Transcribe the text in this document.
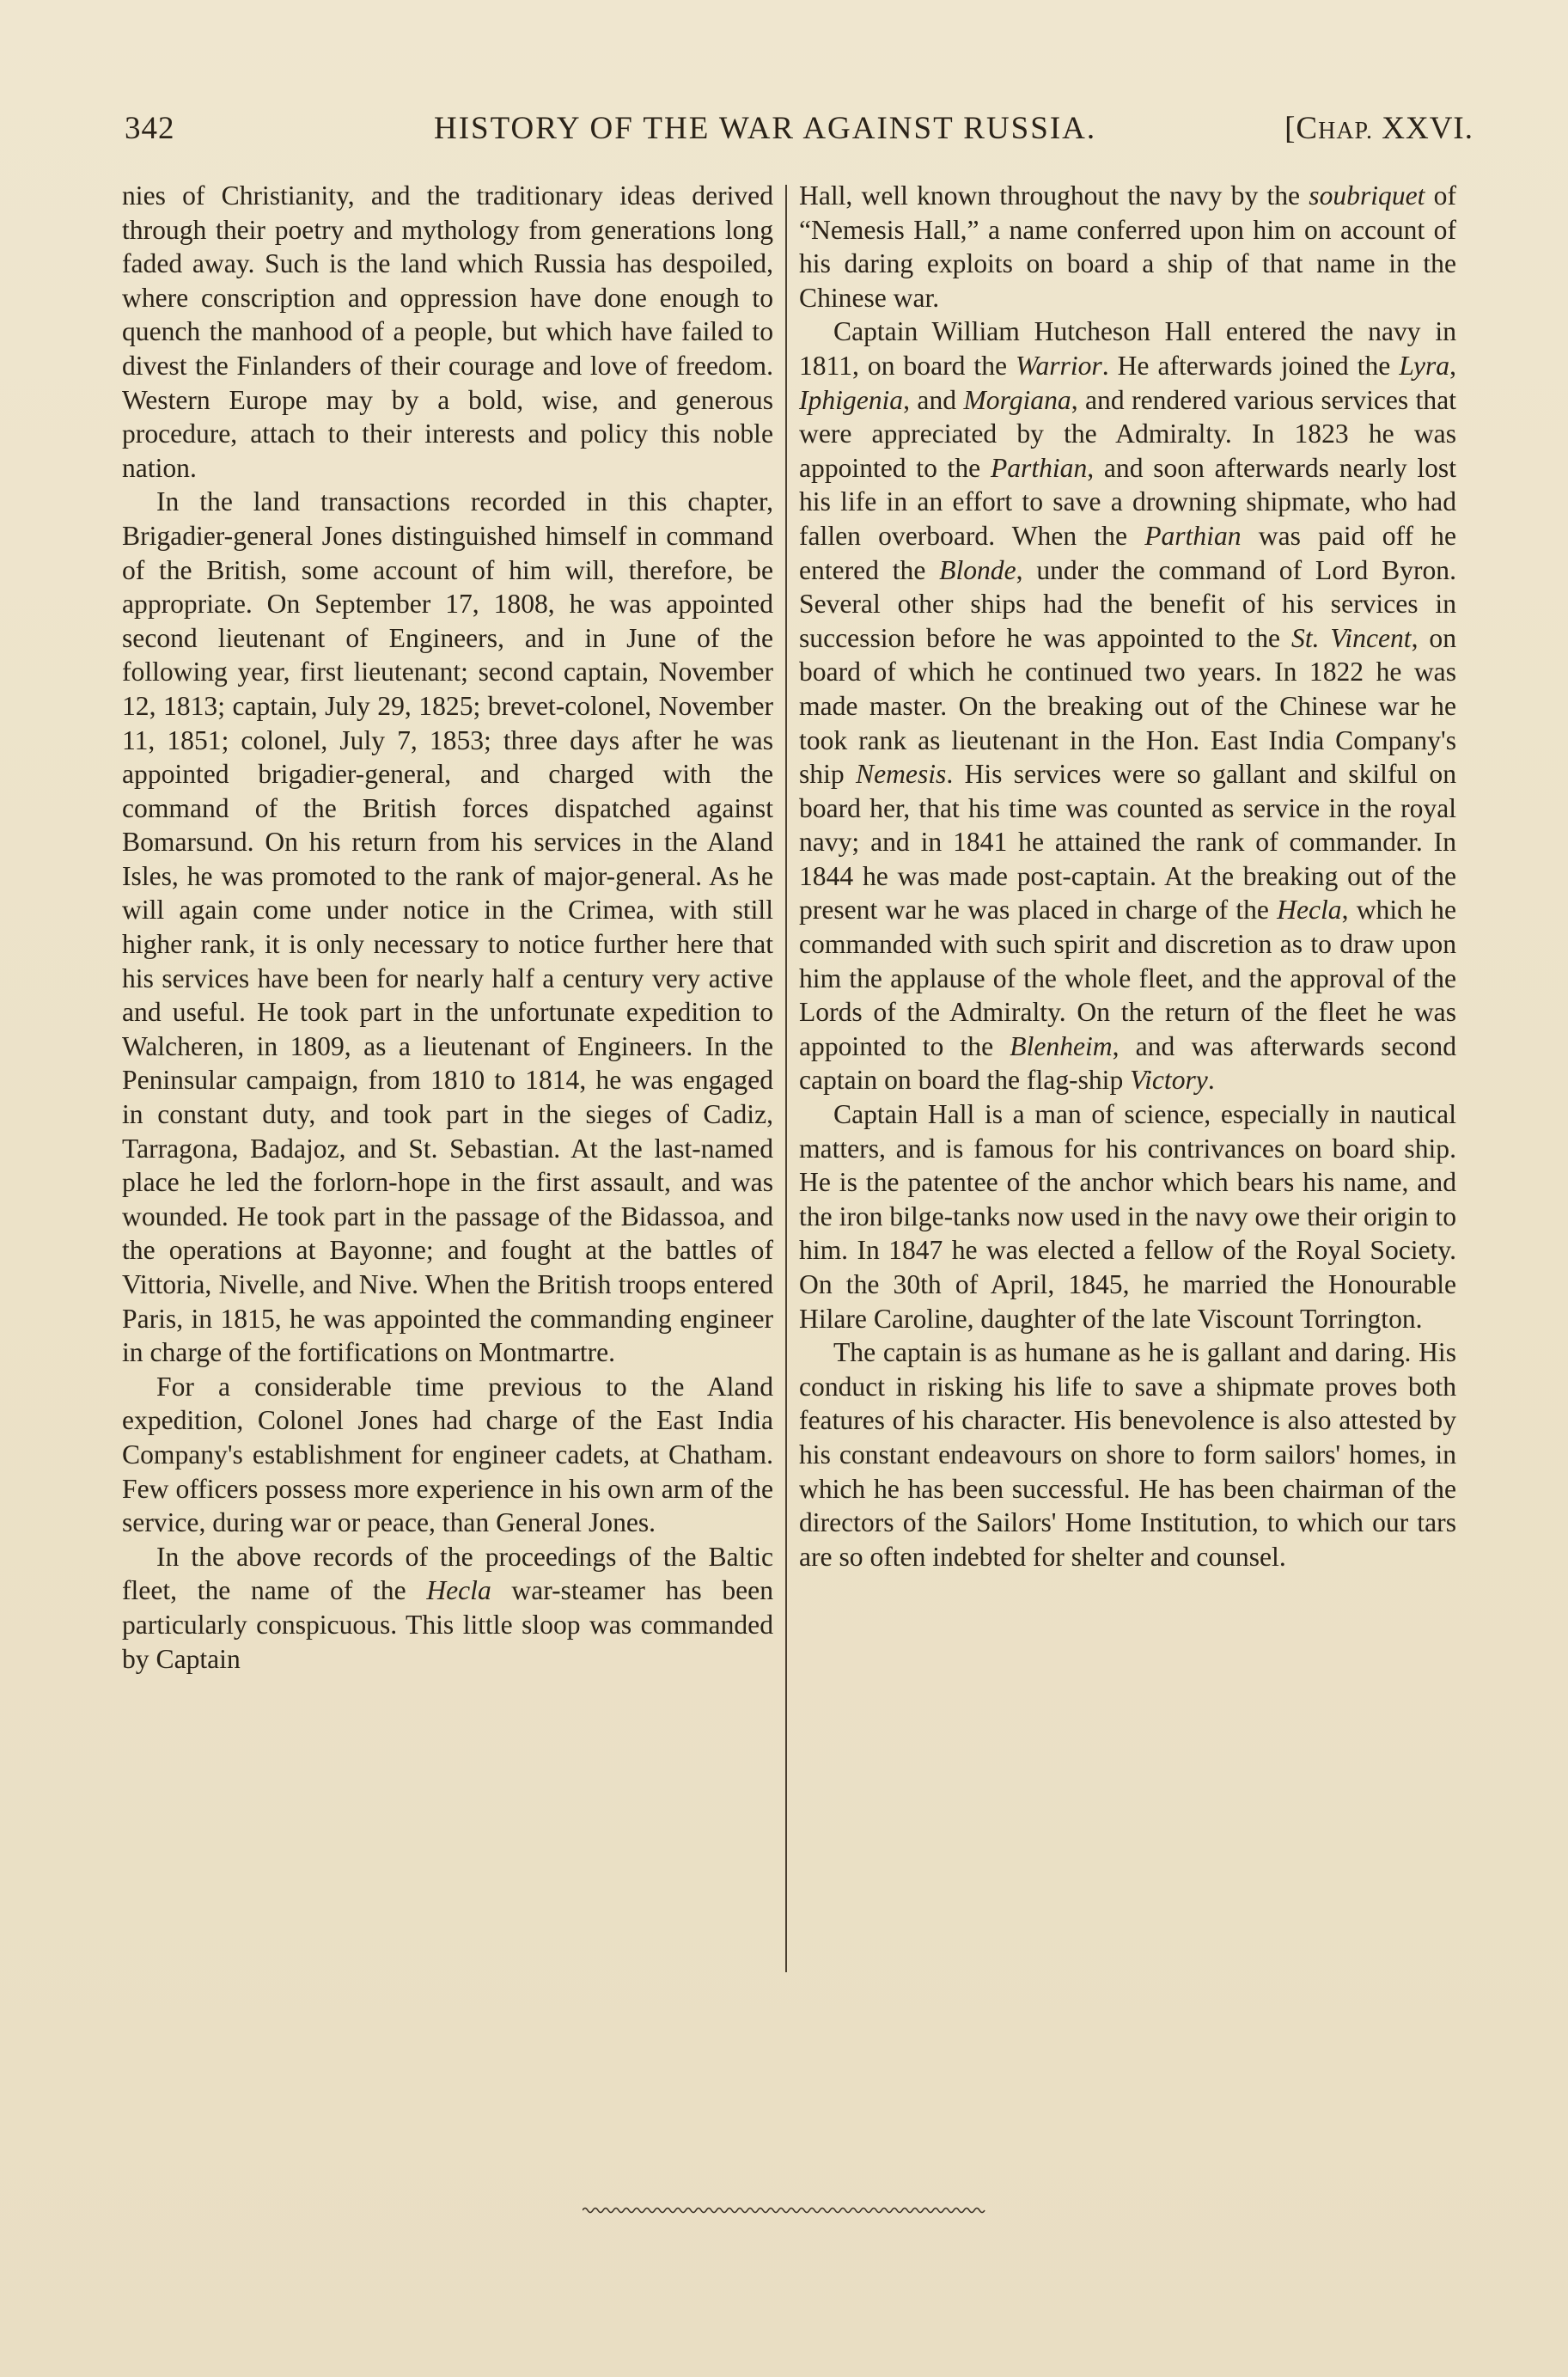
342	HISTORY OF THE WAR AGAINST RUSSIA.	[CHAP. XXVI.

nies of Christianity, and the traditionary ideas derived through their poetry and mythology from generations long faded away. Such is the land which Russia has despoiled, where conscription and oppression have done enough to quench the manhood of a people, but which have failed to divest the Finlanders of their courage and love of freedom. Western Europe may by a bold, wise, and generous procedure, attach to their interests and policy this noble nation.

In the land transactions recorded in this chapter, Brigadier-general Jones distinguished himself in command of the British, some account of him will, therefore, be appropriate. On September 17, 1808, he was appointed second lieutenant of Engineers, and in June of the following year, first lieutenant; second captain, November 12, 1813; captain, July 29, 1825; brevet-colonel, November 11, 1851; colonel, July 7, 1853; three days after he was appointed brigadier-general, and charged with the command of the British forces dispatched against Bomarsund. On his return from his services in the Aland Isles, he was promoted to the rank of major-general. As he will again come under notice in the Crimea, with still higher rank, it is only necessary to notice further here that his services have been for nearly half a century very active and useful. He took part in the unfortunate expedition to Walcheren, in 1809, as a lieutenant of Engineers. In the Peninsular campaign, from 1810 to 1814, he was engaged in constant duty, and took part in the sieges of Cadiz, Tarragona, Badajoz, and St. Sebastian. At the last-named place he led the forlorn-hope in the first assault, and was wounded. He took part in the passage of the Bidassoa, and the operations at Bayonne; and fought at the battles of Vittoria, Nivelle, and Nive. When the British troops entered Paris, in 1815, he was appointed the commanding engineer in charge of the fortifications on Montmartre.

For a considerable time previous to the Aland expedition, Colonel Jones had charge of the East India Company's establishment for engineer cadets, at Chatham. Few officers possess more experience in his own arm of the service, during war or peace, than General Jones.

In the above records of the proceedings of the Baltic fleet, the name of the Hecla war-steamer has been particularly conspicuous. This little sloop was commanded by Captain

Hall, well known throughout the navy by the soubriquet of “Nemesis Hall,” a name conferred upon him on account of his daring exploits on board a ship of that name in the Chinese war.

Captain William Hutcheson Hall entered the navy in 1811, on board the Warrior. He afterwards joined the Lyra, Iphigenia, and Morgiana, and rendered various services that were appreciated by the Admiralty. In 1823 he was appointed to the Parthian, and soon afterwards nearly lost his life in an effort to save a drowning shipmate, who had fallen overboard. When the Parthian was paid off he entered the Blonde, under the command of Lord Byron. Several other ships had the benefit of his services in succession before he was appointed to the St. Vincent, on board of which he continued two years. In 1822 he was made master. On the breaking out of the Chinese war he took rank as lieutenant in the Hon. East India Company's ship Nemesis. His services were so gallant and skilful on board her, that his time was counted as service in the royal navy; and in 1841 he attained the rank of commander. In 1844 he was made post-captain. At the breaking out of the present war he was placed in charge of the Hecla, which he commanded with such spirit and discretion as to draw upon him the applause of the whole fleet, and the approval of the Lords of the Admiralty. On the return of the fleet he was appointed to the Blenheim, and was afterwards second captain on board the flag-ship Victory.

Captain Hall is a man of science, especially in nautical matters, and is famous for his contrivances on board ship. He is the patentee of the anchor which bears his name, and the iron bilge-tanks now used in the navy owe their origin to him. In 1847 he was elected a fellow of the Royal Society. On the 30th of April, 1845, he married the Honourable Hilare Caroline, daughter of the late Viscount Torrington.

The captain is as humane as he is gallant and daring. His conduct in risking his life to save a shipmate proves both features of his character. His benevolence is also attested by his constant endeavours on shore to form sailors' homes, in which he has been successful. He has been chairman of the directors of the Sailors' Home Institution, to which our tars are so often indebted for shelter and counsel.
